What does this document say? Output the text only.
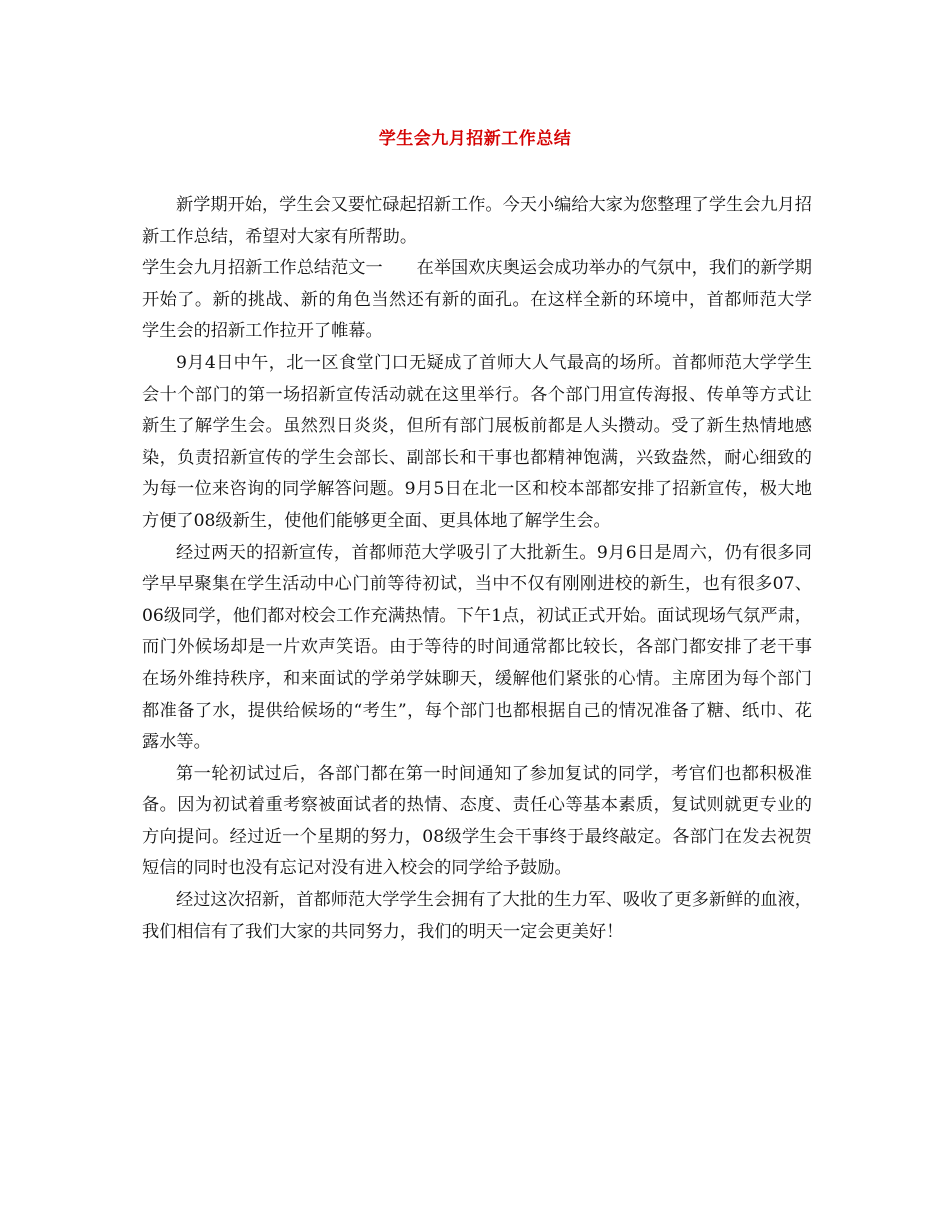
学生会九月招新工作总结

新学期开始，学生会又要忙碌起招新工作。今天小编给大家为您整理了学生会九月招新工作总结，希望对大家有所帮助。

学生会九月招新工作总结范文一 在举国欢庆奥运会成功举办的气氛中，我们的新学期开始了。新的挑战、新的角色当然还有新的面孔。在这样全新的环境中，首都师范大学学生会的招新工作拉开了帷幕。

9月4日中午，北一区食堂门口无疑成了首师大人气最高的场所。首都师范大学学生会十个部门的第一场招新宣传活动就在这里举行。各个部门用宣传海报、传单等方式让新生了解学生会。虽然烈日炎炎，但所有部门展板前都是人头攒动。受了新生热情地感染，负责招新宣传的学生会部长、副部长和干事也都精神饱满，兴致盎然，耐心细致的为每一位来咨询的同学解答问题。9月5日在北一区和校本部都安排了招新宣传，极大地方便了08级新生，使他们能够更全面、更具体地了解学生会。

经过两天的招新宣传，首都师范大学吸引了大批新生。9月6日是周六，仍有很多同学早早聚集在学生活动中心门前等待初试，当中不仅有刚刚进校的新生，也有很多07、06级同学，他们都对校会工作充满热情。下午1点，初试正式开始。面试现场气氛严肃，而门外候场却是一片欢声笑语。由于等待的时间通常都比较长，各部门都安排了老干事在场外维持秩序，和来面试的学弟学妹聊天，缓解他们紧张的心情。主席团为每个部门都准备了水，提供给候场的“考生”，每个部门也都根据自己的情况准备了糖、纸巾、花露水等。

第一轮初试过后，各部门都在第一时间通知了参加复试的同学，考官们也都积极准备。因为初试着重考察被面试者的热情、态度、责任心等基本素质，复试则就更专业的方向提问。经过近一个星期的努力，08级学生会干事终于最终敲定。各部门在发去祝贺短信的同时也没有忘记对没有进入校会的同学给予鼓励。

经过这次招新，首都师范大学学生会拥有了大批的生力军、吸收了更多新鲜的血液，我们相信有了我们大家的共同努力，我们的明天一定会更美好！
